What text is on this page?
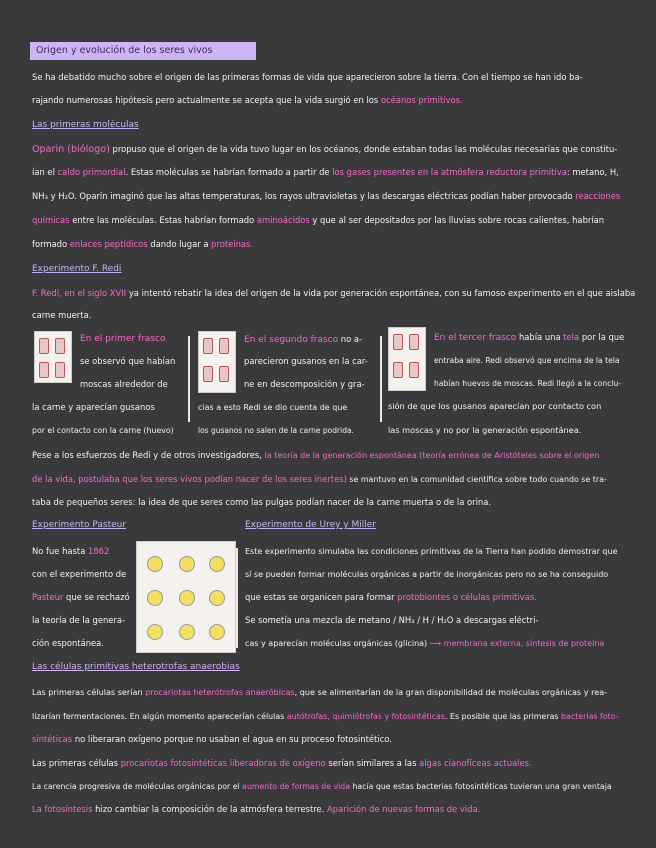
Origen y evolución de los seres vivos
Se ha debatido mucho sobre el origen de las primeras formas de vida que aparecieron sobre la tierra. Con el tiempo se han ido ba-
rajando numerosas hipótesis pero actualmente se acepta que la vida surgió en los océanos primitivos.
Las primeras moléculas
Oparin (biólogo) propuso que el origen de la vida tuvo lugar en los océanos, donde estaban todas las moléculas necesarias que constitu-
ían el caldo primordial. Estas moléculas se habrían formado a partir de los gases presentes en la atmósfera reductora primitiva: metano, H,
NH₃ y H₂O. Oparín imaginó que las altas temperaturas, los rayos ultravioletas y las descargas eléctricas podían haber provocado reacciones
químicas entre las moléculas. Estas habrían formado aminoácidos y que al ser depositados por las lluvias sobre rocas calientes, habrían
formado enlaces peptídicos dando lugar a proteínas.
Experimento F. Redi
F. Redi, en el siglo XVII ya intentó rebatir la idea del origen de la vida por generación espontánea, con su famoso experimento en el que aislaba
carne muerta.
En el primer frasco
se observó que habían
moscas alrededor de
la carne y aparecían gusanos
por el contacto con la carne (huevo)
En el segundo frasco no a-
parecieron gusanos en la car-
ne en descomposición y gra-
cias a esto Redi se dio cuenta de que
los gusanos no salen de la carne podrida.
En el tercer frasco había una tela por la que
entraba aire. Redi observó que encima de la tela
habían huevos de moscas. Redi llegó a la conclu-
sión de que los gusanos aparecían por contacto con
las moscas y no por la generación espontánea.
Pese a los esfuerzos de Redi y de otros investigadores, la teoría de la generación espontánea (teoría errónea de Aristóteles sobre el origen
de la vida, postulaba que los seres vivos podían nacer de los seres inertes) se mantuvo en la comunidad científica sobre todo cuando se tra-
taba de pequeños seres: la idea de que seres como las pulgas podían nacer de la carne muerta o de la orina.
Experimento Pasteur
No fue hasta 1862
con el experimento de
Pasteur que se rechazó
la teoría de la genera-
ción espontánea.
Experimento de Urey y Miller
Este experimento simulaba las condiciones primitivas de la Tierra han podido demostrar que
sí se pueden formar moléculas orgánicas a partir de inorgánicas pero no se ha conseguido
que estas se organicen para formar protobiontes o células primitivas.
Se sometía una mezcla de metano / NH₃ / H / H₂O a descargas eléctri-
cas y aparecían moléculas orgánicas (glicina) ⟶ membrana externa, síntesis de proteína
Las células primitivas heterotrofas anaerobias
Las primeras células serían procariotas heterótrofas anaeróbicas, que se alimentarían de la gran disponibilidad de moléculas orgánicas y rea-
lizarían fermentaciones. En algún momento aparecerían células autótrofas, quimiótrofas y fotosintéticas. Es posible que las primeras bacterias foto-
sintéticas no liberaran oxígeno porque no usaban el agua en su proceso fotosintético.
Las primeras células procariotas fotosintéticas liberadoras de oxígeno serían similares a las algas cianofíceas actuales.
La carencia progresiva de moléculas orgánicas por el aumento de formas de vida hacía que estas bacterias fotosintéticas tuvieran una gran ventaja
La fotosíntesis hizo cambiar la composición de la atmósfera terrestre. Aparición de nuevas formas de vida.
